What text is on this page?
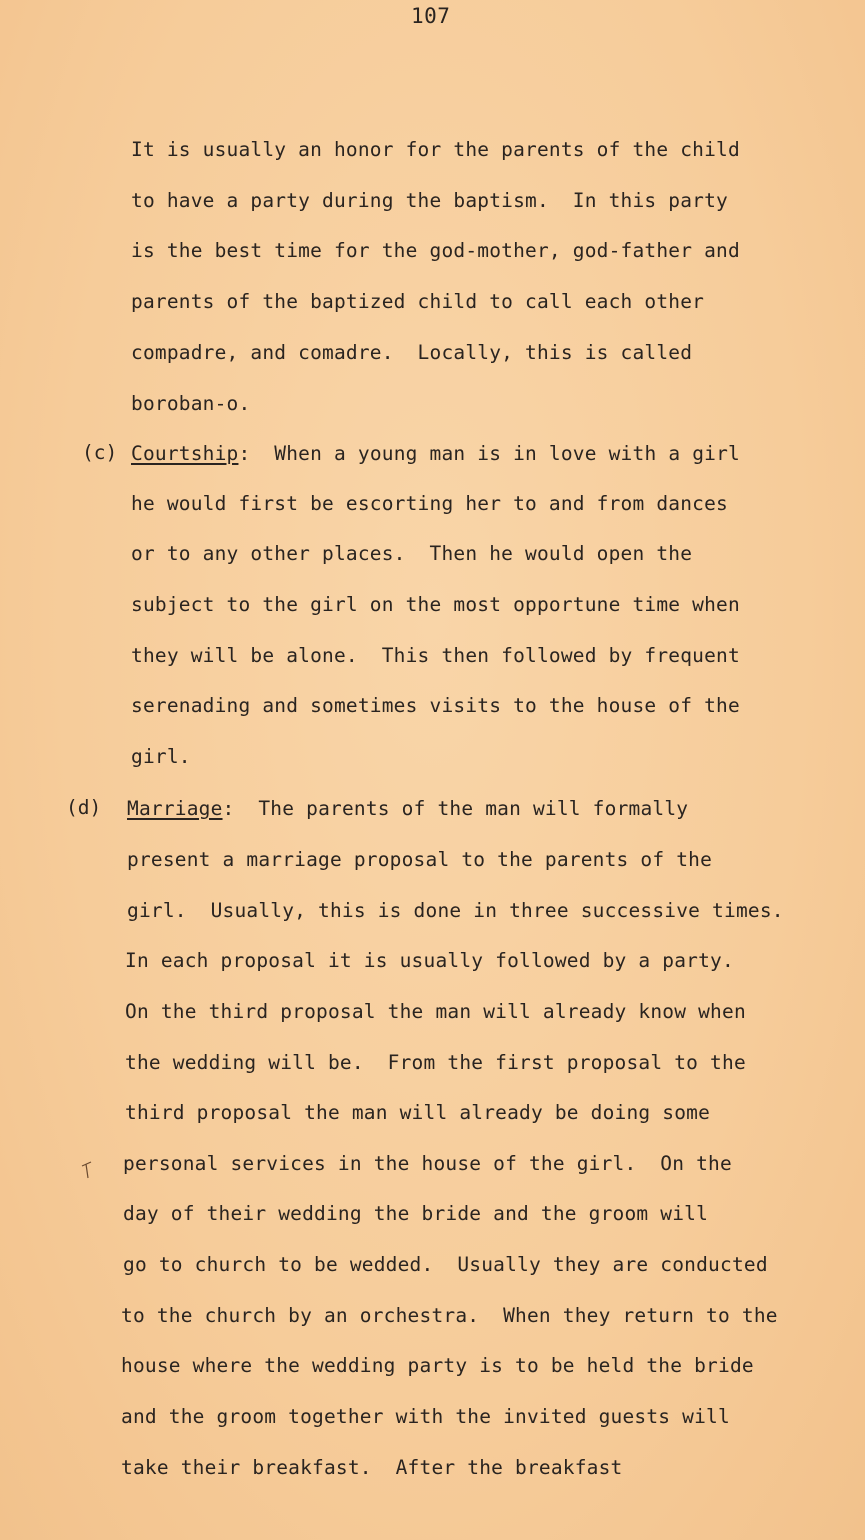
107
It is usually an honor for the parents of the child
to have a party during the baptism.  In this party
is the best time for the god-mother, god-father and
parents of the baptized child to call each other
compadre, and comadre.  Locally, this is called
boroban-o.
(c) Courtship:  When a young man is in love with a girl
he would first be escorting her to and from dances
or to any other places.  Then he would open the
subject to the girl on the most opportune time when
they will be alone.  This then followed by frequent
serenading and sometimes visits to the house of the
girl.
(d) Marriage:  The parents of the man will formally
present a marriage proposal to the parents of the
girl.  Usually, this is done in three successive times.
In each proposal it is usually followed by a party.
On the third proposal the man will already know when
the wedding will be.  From the first proposal to the
third proposal the man will already be doing some
personal services in the house of the girl.  On the
day of their wedding the bride and the groom will
go to church to be wedded.  Usually they are conducted
to the church by an orchestra.  When they return to the
house where the wedding party is to be held the bride
and the groom together with the invited guests will
take their breakfast.  After the breakfast
